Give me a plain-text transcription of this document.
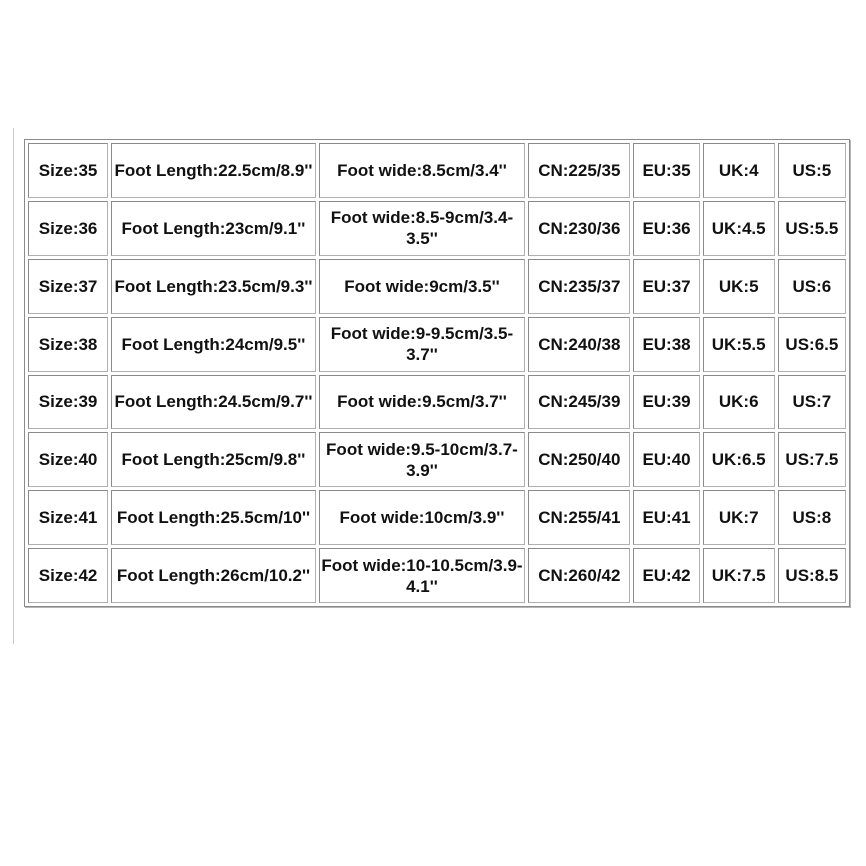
Size:35	Foot Length:22.5cm/8.9''	Foot wide:8.5cm/3.4''	CN:225/35	EU:35	UK:4	US:5
Size:36	Foot Length:23cm/9.1''	Foot wide:8.5-9cm/3.4-3.5''	CN:230/36	EU:36	UK:4.5	US:5.5
Size:37	Foot Length:23.5cm/9.3''	Foot wide:9cm/3.5''	CN:235/37	EU:37	UK:5	US:6
Size:38	Foot Length:24cm/9.5''	Foot wide:9-9.5cm/3.5-3.7''	CN:240/38	EU:38	UK:5.5	US:6.5
Size:39	Foot Length:24.5cm/9.7''	Foot wide:9.5cm/3.7''	CN:245/39	EU:39	UK:6	US:7
Size:40	Foot Length:25cm/9.8''	Foot wide:9.5-10cm/3.7-3.9''	CN:250/40	EU:40	UK:6.5	US:7.5
Size:41	Foot Length:25.5cm/10''	Foot wide:10cm/3.9''	CN:255/41	EU:41	UK:7	US:8
Size:42	Foot Length:26cm/10.2''	Foot wide:10-10.5cm/3.9-4.1''	CN:260/42	EU:42	UK:7.5	US:8.5
